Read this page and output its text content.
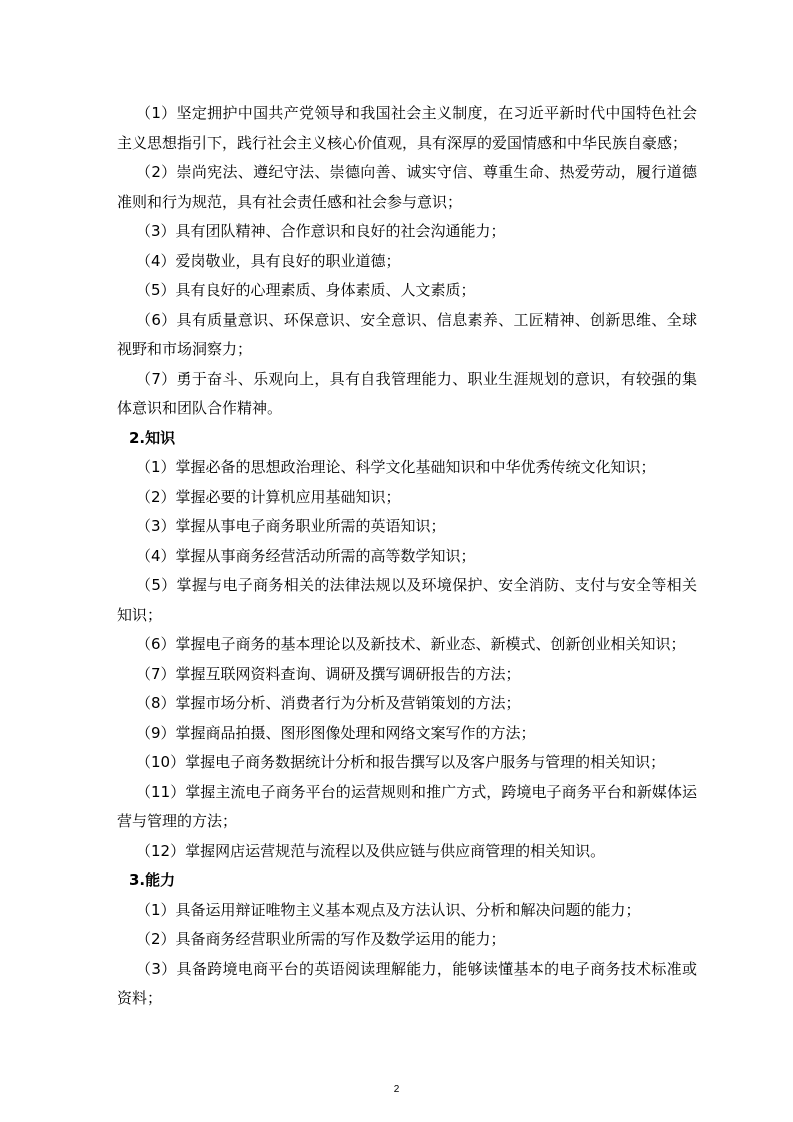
（1）坚定拥护中国共产党领导和我国社会主义制度，在习近平新时代中国特色社会主义思想指引下，践行社会主义核心价值观，具有深厚的爱国情感和中华民族自豪感；

（2）崇尚宪法、遵纪守法、崇德向善、诚实守信、尊重生命、热爱劳动，履行道德准则和行为规范，具有社会责任感和社会参与意识；

（3）具有团队精神、合作意识和良好的社会沟通能力；

（4）爱岗敬业，具有良好的职业道德；

（5）具有良好的心理素质、身体素质、人文素质；

（6）具有质量意识、环保意识、安全意识、信息素养、工匠精神、创新思维、全球视野和市场洞察力；

（7）勇于奋斗、乐观向上，具有自我管理能力、职业生涯规划的意识，有较强的集体意识和团队合作精神。

2.知识

（1）掌握必备的思想政治理论、科学文化基础知识和中华优秀传统文化知识；

（2）掌握必要的计算机应用基础知识；

（3）掌握从事电子商务职业所需的英语知识；

（4）掌握从事商务经营活动所需的高等数学知识；

（5）掌握与电子商务相关的法律法规以及环境保护、安全消防、支付与安全等相关知识；

（6）掌握电子商务的基本理论以及新技术、新业态、新模式、创新创业相关知识；

（7）掌握互联网资料查询、调研及撰写调研报告的方法；

（8）掌握市场分析、消费者行为分析及营销策划的方法；

（9）掌握商品拍摄、图形图像处理和网络文案写作的方法；

（10）掌握电子商务数据统计分析和报告撰写以及客户服务与管理的相关知识；

（11）掌握主流电子商务平台的运营规则和推广方式，跨境电子商务平台和新媒体运营与管理的方法；

（12）掌握网店运营规范与流程以及供应链与供应商管理的相关知识。

3.能力

（1）具备运用辩证唯物主义基本观点及方法认识、分析和解决问题的能力；

（2）具备商务经营职业所需的写作及数学运用的能力；

（3）具备跨境电商平台的英语阅读理解能力，能够读懂基本的电子商务技术标准或资料；

2
